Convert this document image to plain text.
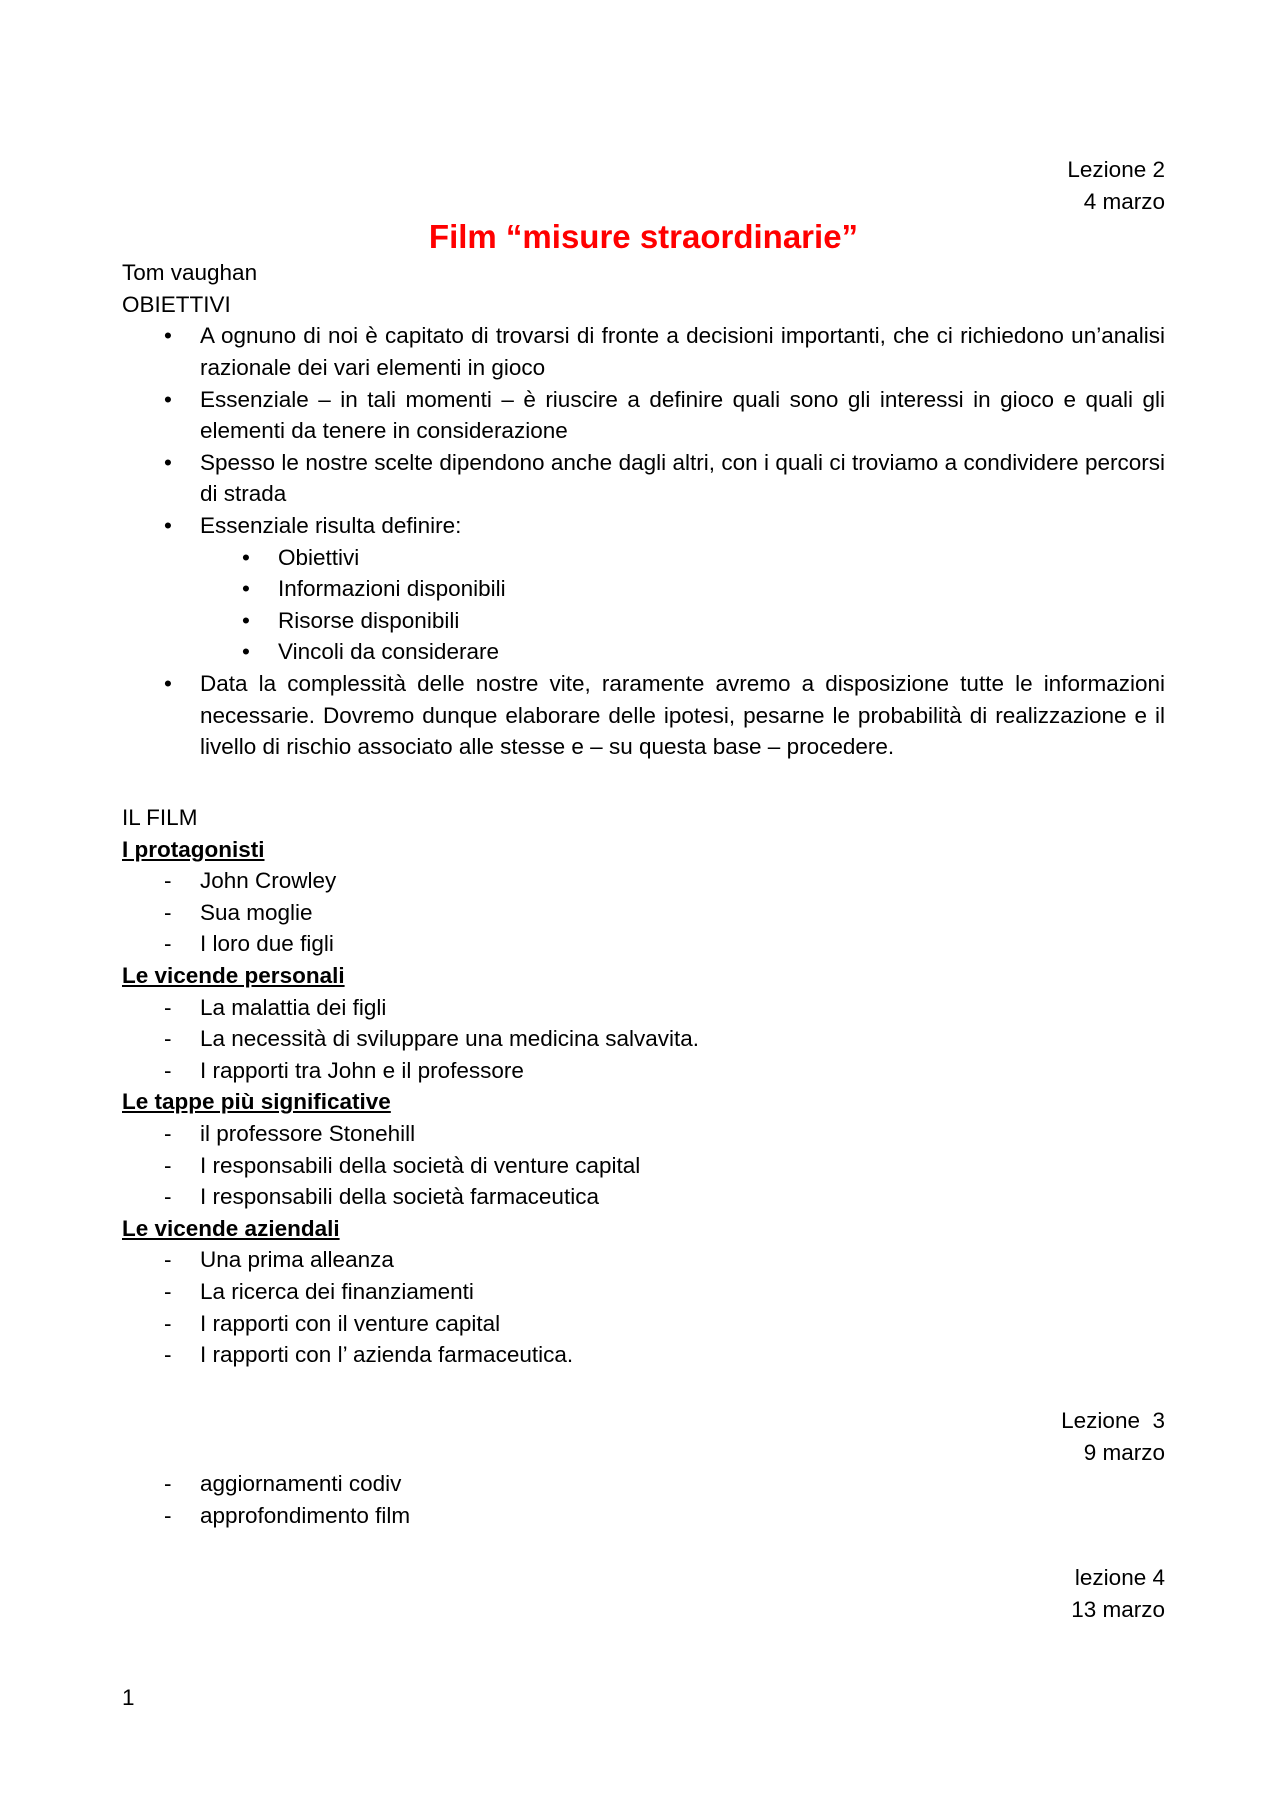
Lezione 2
4 marzo
Film “misure straordinarie”
Tom vaughan
OBIETTIVI
• A ognuno di noi è capitato di trovarsi di fronte a decisioni importanti, che ci richiedono un’analisi razionale dei vari elementi in gioco
• Essenziale – in tali momenti – è riuscire a definire quali sono gli interessi in gioco e quali gli elementi da tenere in considerazione
• Spesso le nostre scelte dipendono anche dagli altri, con i quali ci troviamo a condividere percorsi di strada
• Essenziale risulta definire:
• Obiettivi
• Informazioni disponibili
• Risorse disponibili
• Vincoli da considerare
• Data la complessità delle nostre vite, raramente avremo a disposizione tutte le informazioni necessarie. Dovremo dunque elaborare delle ipotesi, pesarne le probabilità di realizzazione e il livello di rischio associato alle stesse e – su questa base – procedere.
IL FILM
I protagonisti
- John Crowley
- Sua moglie
- I loro due figli
Le vicende personali
- La malattia dei figli
- La necessità di sviluppare una medicina salvavita.
- I rapporti tra John e il professore
Le tappe più significative
- il professore Stonehill
- I responsabili della società di venture capital
- I responsabili della società farmaceutica
Le vicende aziendali
- Una prima alleanza
- La ricerca dei finanziamenti
- I rapporti con il venture capital
- I rapporti con l’ azienda farmaceutica.
Lezione  3
9 marzo
- aggiornamenti codiv
- approfondimento film
lezione 4
13 marzo
1
